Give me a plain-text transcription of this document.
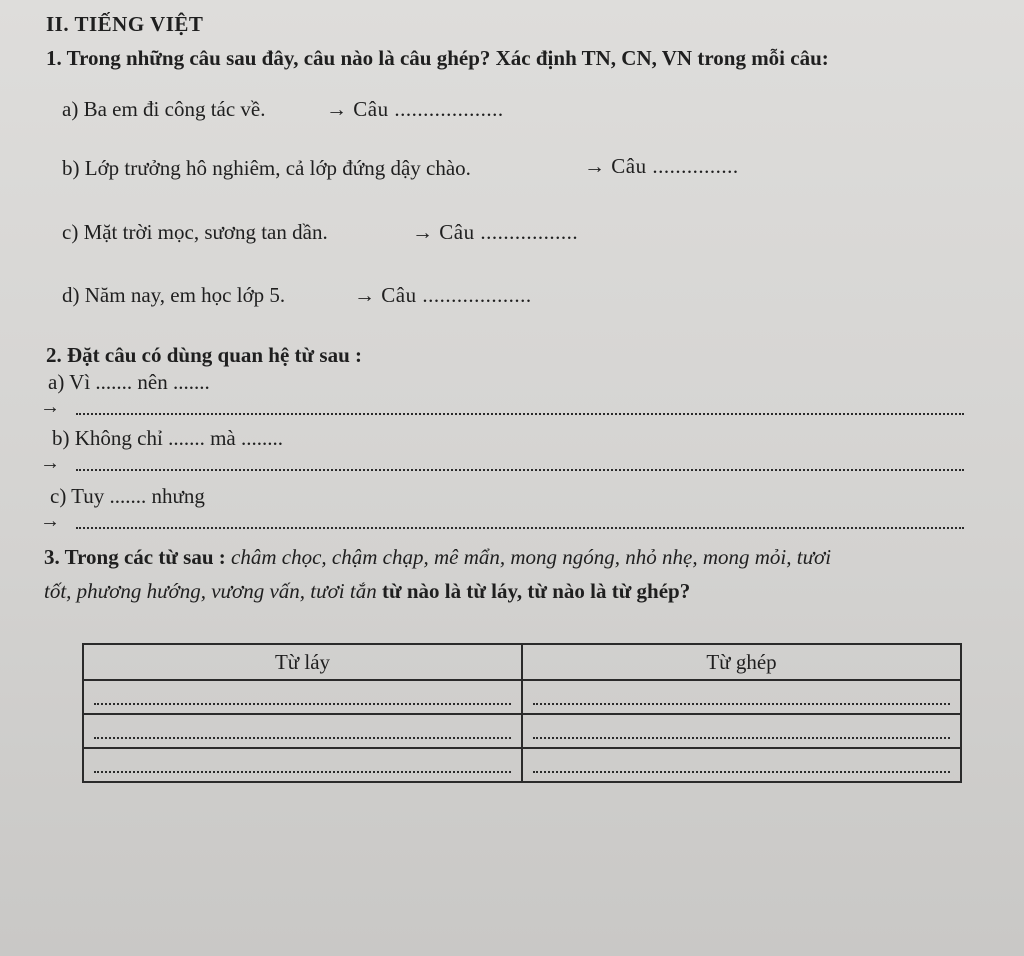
II. TIẾNG VIỆT
1. Trong những câu sau đây, câu nào là câu ghép? Xác định TN, CN, VN trong mỗi câu:
a) Ba em đi công tác về.	→ Câu ...................
b) Lớp trưởng hô nghiêm, cả lớp đứng dậy chào.	→ Câu ...............
c) Mặt trời mọc, sương tan dần.	→ Câu .................
d) Năm nay, em học lớp 5.	→ Câu ...................
2. Đặt câu có dùng quan hệ từ sau :
a) Vì ....... nên .......
→
b) Không chỉ ....... mà ........
→
c) Tuy ....... nhưng
→
3. Trong các từ sau : châm chọc, chậm chạp, mê mẩn, mong ngóng, nhỏ nhẹ, mong mỏi, tươi
tốt, phương hướng, vương vấn, tươi tắn từ nào là từ láy, từ nào là từ ghép?
Từ láy	Từ ghép
